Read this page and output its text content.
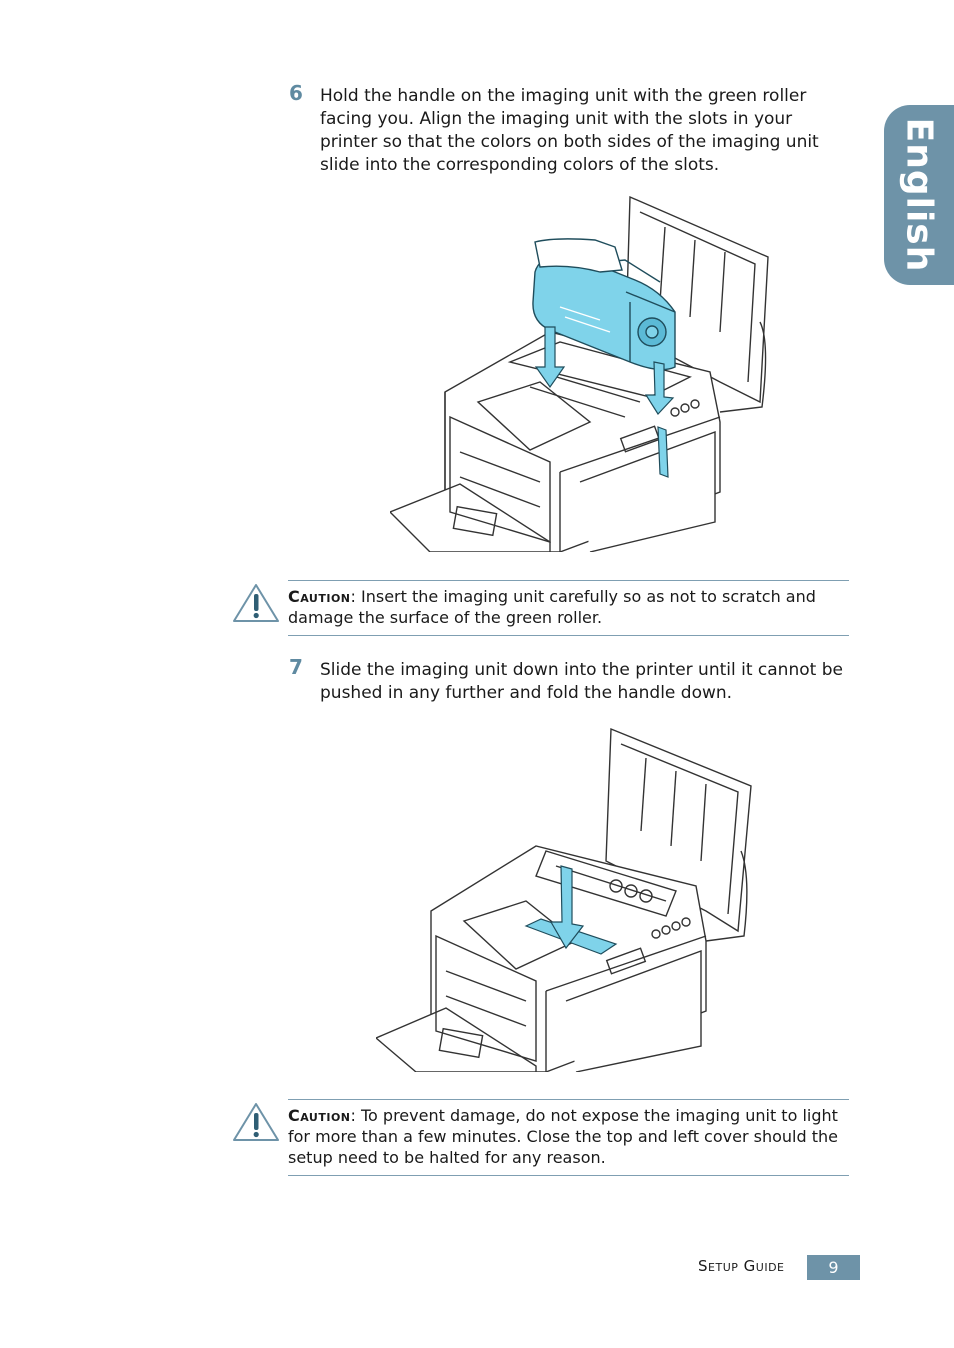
English
6 Hold the handle on the imaging unit with the green roller facing you. Align the imaging unit with the slots in your printer so that the colors on both sides of the imaging unit slide into the corresponding colors of the slots.
Caution: Insert the imaging unit carefully so as not to scratch and damage the surface of the green roller.
7 Slide the imaging unit down into the printer until it cannot be pushed in any further and fold the handle down.
Caution: To prevent damage, do not expose the imaging unit to light for more than a few minutes. Close the top and left cover should the setup need to be halted for any reason.
Setup Guide	9
